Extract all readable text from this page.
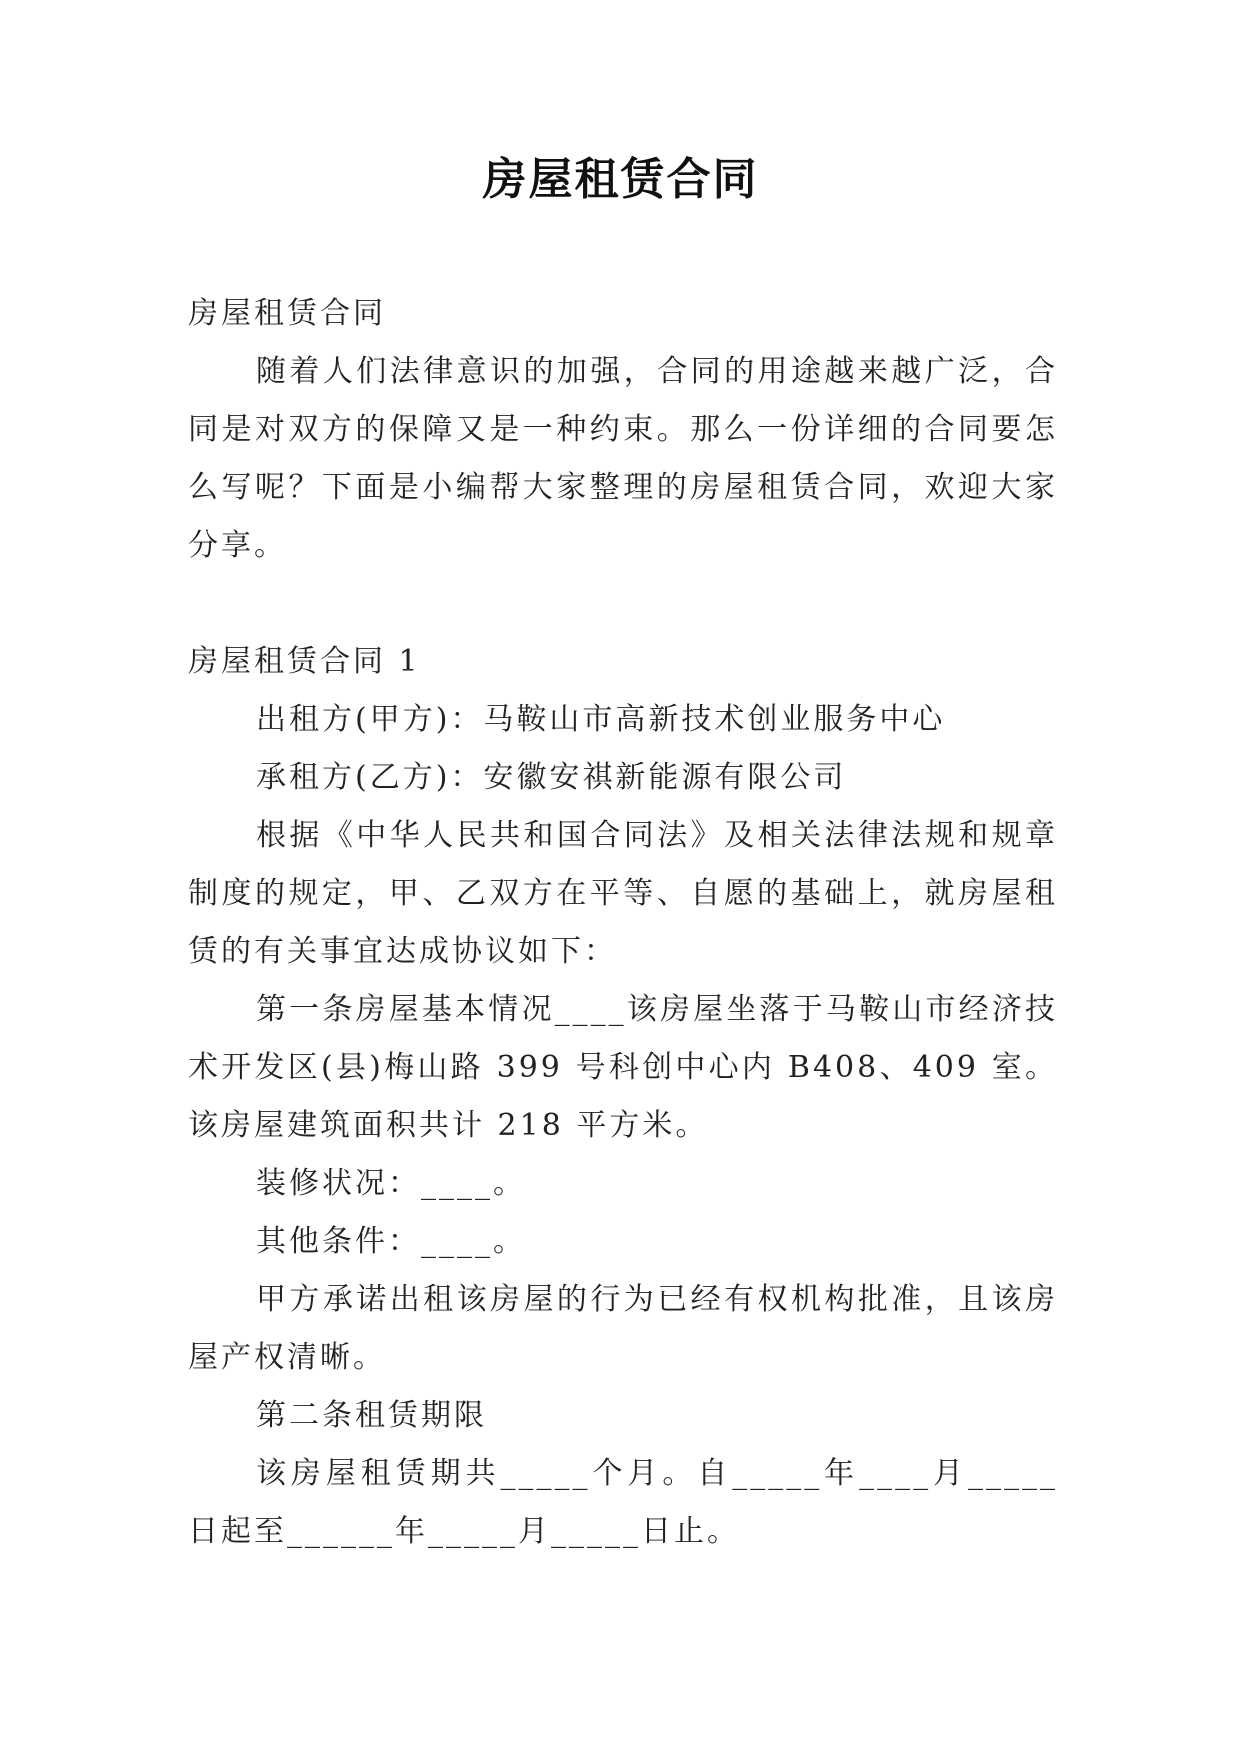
房屋租赁合同
房屋租赁合同

随着人们法律意识的加强，合同的用途越来越广泛，合同是对双方的保障又是一种约束。那么一份详细的合同要怎么写呢？下面是小编帮大家整理的房屋租赁合同，欢迎大家分享。

房屋租赁合同 1
出租方(甲方)：马鞍山市高新技术创业服务中心
承租方(乙方)：安徽安祺新能源有限公司

根据《中华人民共和国合同法》及相关法律法规和规章制度的规定，甲、乙双方在平等、自愿的基础上，就房屋租赁的有关事宜达成协议如下：

第一条房屋基本情况____该房屋坐落于马鞍山市经济技术开发区(县)梅山路 399 号科创中心内 B408、409 室。该房屋建筑面积共计 218 平方米。

装修状况：____。
其他条件：____。

甲方承诺出租该房屋的行为已经有权机构批准，且该房屋产权清晰。

第二条租赁期限

该房屋租赁期共_____个月。自_____年____月_____日起至______年_____月_____日止。
